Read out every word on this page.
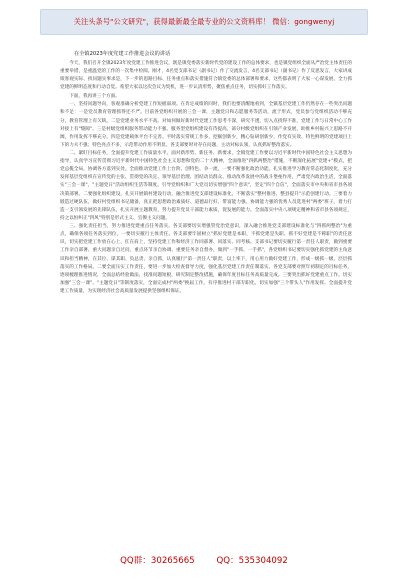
关注头条号"公文研究"，获得最新最全最专业的公文资料库！ 微信：gongwenyj
在全镇2023年度党建工作推进会议的讲话

今天，我们召开全镇2023年度党建工作推进会议，既是镇党委落实新时代党的建设工作的总体要求，也是镇党组织全面从严治党主体责任的重要举措，是重温党的工作的一次集中检阅。刚才，4名党支部书记（副书记）作了交流发言，4名支部书记（副书记）作了反思发言，大家讲成绩客观实际、找问题实事求是，下一步的思路目标、任务重点和落实措施符合镇党委的总体部署和要求，这些都表明了大家一心谋发展、全力抓党建的鲜明态度和行动自觉。希望大家以这次会议为契机，进一步认清形势，聚焦重点任务，切实抓好工作落实。

下面，我再讲三个方面。

一、坚持问题导向，客观准确分析党建工作短板弱项。在肯定成绩的同时，我们也要清醒地看到，全镇基层党建工作仍然存在一些突出问题和不足：一是党员教育管理抓得还不严。目前各党组织开展的三会一课、主题党日和志愿服务等活动，流于形式，党员参与党组织活动不够充分，教育管理上有欠缺。二是党建业务水平不高。对如何做好新时代党建工作思考不深，研究不透，切入点找得不准，党建工作与日常中心工作对接上有"缝隙"。三是村级党组织服务带动能力不强。服务型党组织建设有待提高，部分村级党组织在引领产业发展，助推乡村振兴上思路不开阔，作用发挥不够充分。四是党建载体平台不完善。平时落实常规工作多，挖掘创新少，精心钻研创新少，作党有实效、特色鲜明的党建项目上下的力夫不强；特色亮点不多，示范带动作用不明显。各支部要时对存在问题，主动对标认领，认真抓好整改落实。

二、紧盯目标任务，全面提升党建工作质量水平。面对新形势、新任务、新要求，全镇党建工作要以习近平新时代中国特色社会主义思想为指导，认真学习宣传贯彻习近平新时代中国特色社会主义思想和党的二十大精神，全面推进"四抓两整治"措施，不断深化拓展"党建+"模式，把党总揽全局、协调各方落到实处。全面推动党建工作上台阶、创特色、争一流，一要不断强化政治功能。扎实推进学习教育常态化制度化，充分发挥基层党组织在宣传党的主张、贯彻党的决定、领导基层治理、团结动员群众、推动改革发展中的战斗堡垒作用，严肃党内政治生活，全面落实"三会一课"、"主题党日"活动组织生活等制度。引导党组织和广大党员切实增强"四个意识"，坚定"四个自信"，全面落实市中央和省市县各项决策部署。二要强化组织建设，扎实开展镇村建设行动，融合推进党支部建设标准化，不断落实"整村推进、整县提升"示范创建行动。三要着力锻造过硬队伍，做好村党组织书记储备，真正把思想政治素质好、道德品行好、带富能力强、协调能力强的优秀人员选进村"两委"班子。着力打造一支引领发展的先锋队伍，扎实开展主题教育，努力提升党员干部能力素质，促发展的能力。全面落实中央八项规定精神和省市县各项规定，持之以恒纠正"四风"特别是形式主义、官僚主义问题。

三、强化责任担当，努力推进党建重点任务落实。各支部要切实增强管党治党意识，深入融合推进党支部建设标准化与"四抓两整治"为重点，确保各项任务落实到位。一要切实履行主体责任。各支部要牢固树立"抓好党建是本职、不抓党建是失职、抓不好党建是不称职"的责任意识，切实把党建工作放在心上、扛在肩上，坚持党建工作和经济工作同部署、同落实、同考核。支部书记要切实履行第一责任人职责，做到重要工作亲自部署、重大问题亲自过问、重点环节亲自协调、重要任务亲自督办，做到"一手抓、一手抓"，各党组织书记要切实强化抓党建的主角意识和担当精神，在其位、谋其职、负总责，亲自抓，认真履行"第一责任人"职责，以上率下，用心用力做好党建工作，形成一级抓一级、层层抓落实的工作格局。二要全面压实工作责任，要进一步加大检查督导力度，强化基层党建工作责任制落实。各党支部要对照年初制定的目标任务，逐项梳理推进情况，全面总结经验做法，找准问题短板，研究制定整改措施，确保年度目标任务高质量完成。三要突出抓好党建重点工作。切实加强"三会一课"、"主题党日"等制度落实，全面完成村"两委"换届工作，有序推进村干部专职化。切实加强"三个带头人"作用发挥。全面提升党建工作质量，为实现经济社会高质量发展提供坚强组织保证。

QQ群：30265665        QQ：535304092
